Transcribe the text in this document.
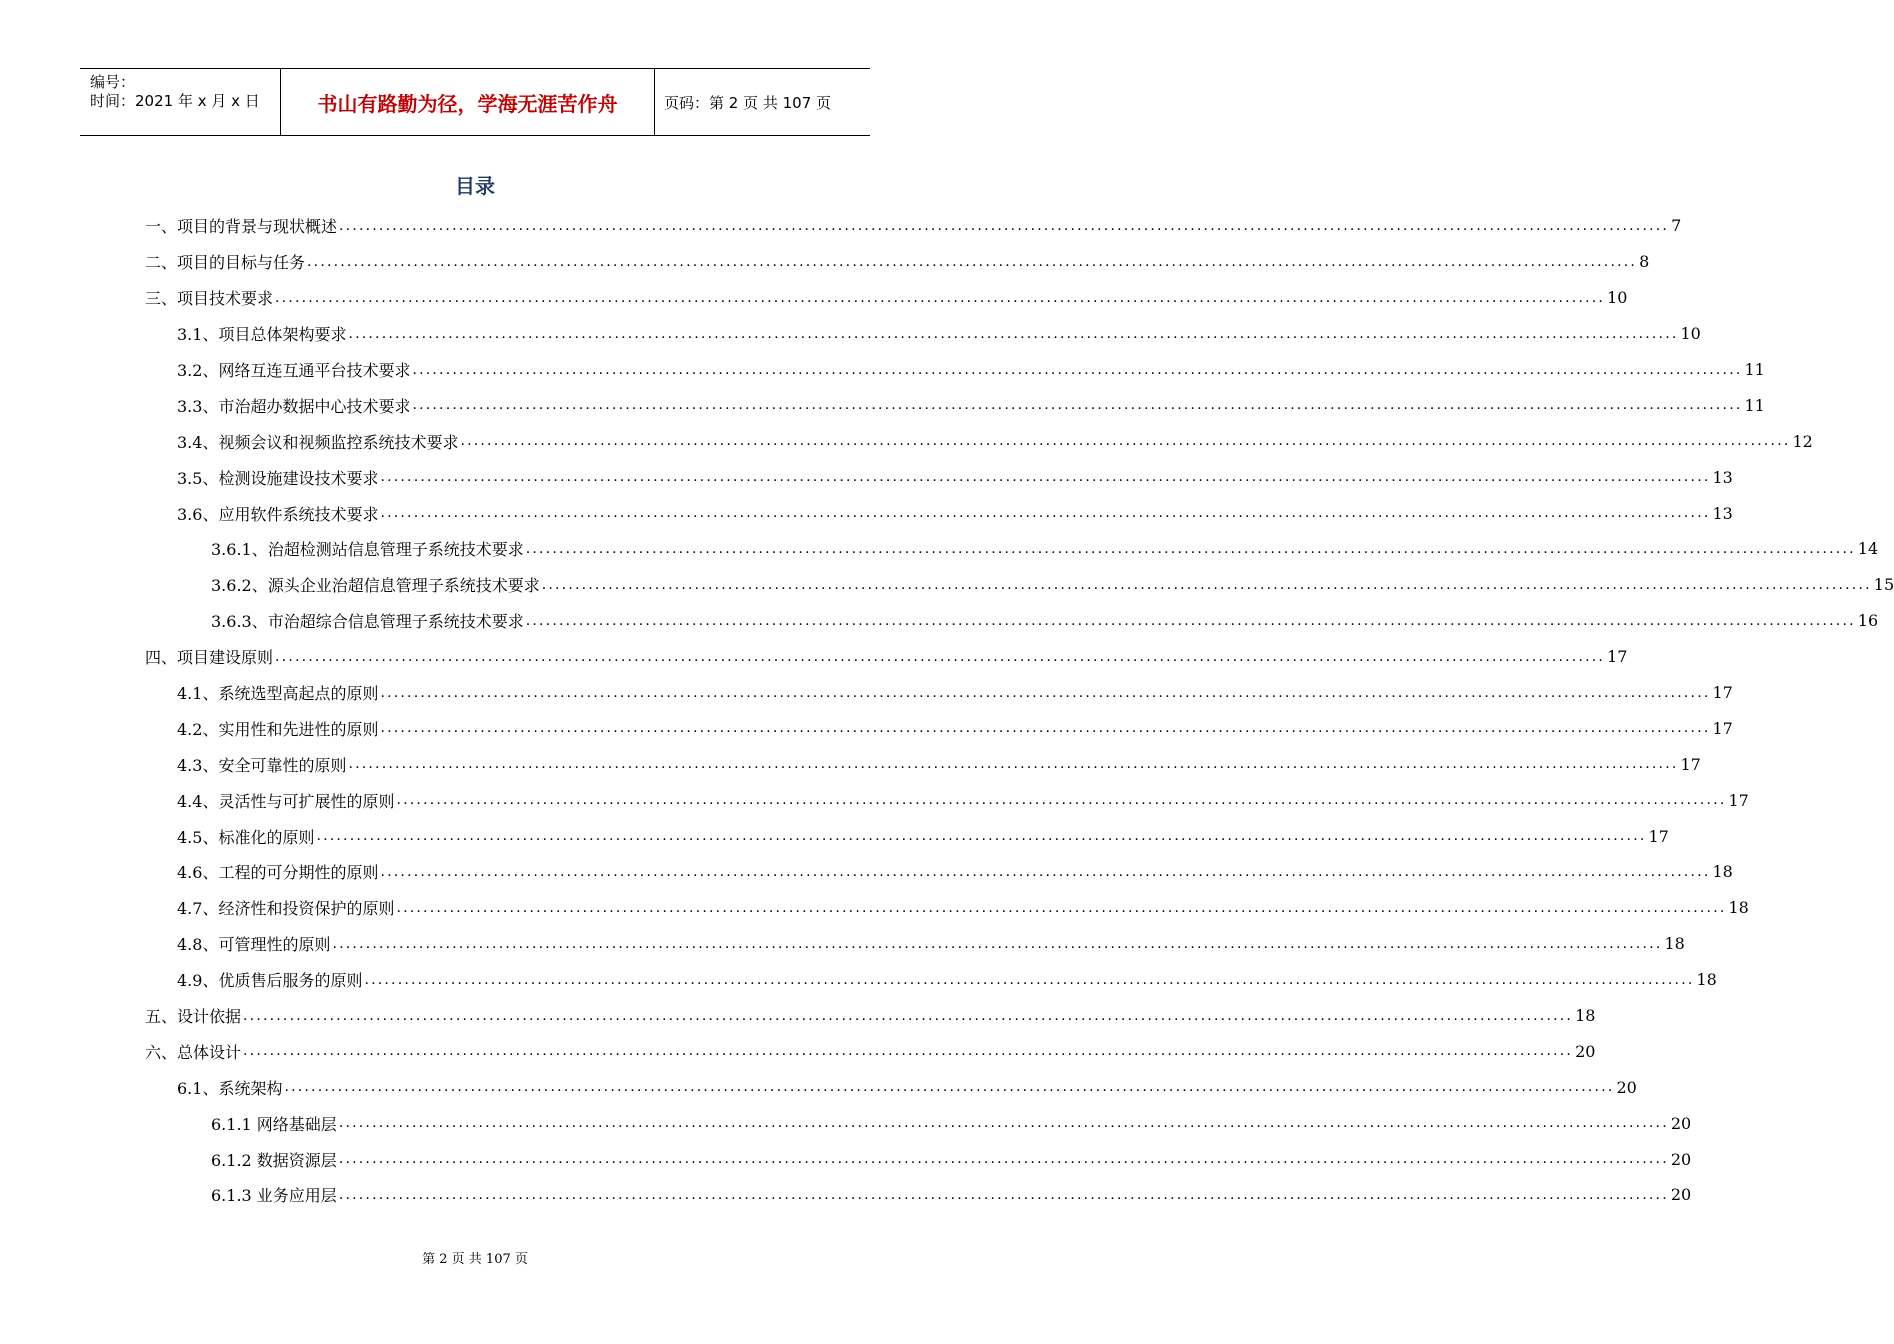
编号：
时间：2021 年 x 月 x 日	书山有路勤为径，学海无涯苦作舟	页码：第 2 页 共 107 页
目录
一、项目的背景与现状概述 ........................................................................................................................................................................................................ 7
二、项目的目标与任务 ........................................................................................................................................................................................................ 8
三、项目技术要求 ........................................................................................................................................................................................................ 10
3.1、项目总体架构要求 ........................................................................................................................................................................................................ 10
3.2、网络互连互通平台技术要求 ........................................................................................................................................................................................................ 11
3.3、市治超办数据中心技术要求 ........................................................................................................................................................................................................ 11
3.4、视频会议和视频监控系统技术要求 ........................................................................................................................................................................................................ 12
3.5、检测设施建设技术要求 ........................................................................................................................................................................................................ 13
3.6、应用软件系统技术要求 ........................................................................................................................................................................................................ 13
3.6.1、治超检测站信息管理子系统技术要求 ........................................................................................................................................................................................................ 14
3.6.2、源头企业治超信息管理子系统技术要求 ........................................................................................................................................................................................................ 15
3.6.3、市治超综合信息管理子系统技术要求 ........................................................................................................................................................................................................ 16
四、项目建设原则 ........................................................................................................................................................................................................ 17
4.1、系统选型高起点的原则 ........................................................................................................................................................................................................ 17
4.2、实用性和先进性的原则 ........................................................................................................................................................................................................ 17
4.3、安全可靠性的原则 ........................................................................................................................................................................................................ 17
4.4、灵活性与可扩展性的原则 ........................................................................................................................................................................................................ 17
4.5、标准化的原则 ........................................................................................................................................................................................................ 17
4.6、工程的可分期性的原则 ........................................................................................................................................................................................................ 18
4.7、经济性和投资保护的原则 ........................................................................................................................................................................................................ 18
4.8、可管理性的原则 ........................................................................................................................................................................................................ 18
4.9、优质售后服务的原则 ........................................................................................................................................................................................................ 18
五、设计依据 ........................................................................................................................................................................................................ 18
六、总体设计 ........................................................................................................................................................................................................ 20
6.1、系统架构 ........................................................................................................................................................................................................ 20
6.1.1 网络基础层 ........................................................................................................................................................................................................ 20
6.1.2 数据资源层 ........................................................................................................................................................................................................ 20
6.1.3 业务应用层 ........................................................................................................................................................................................................ 20
第 2 页 共 107 页
